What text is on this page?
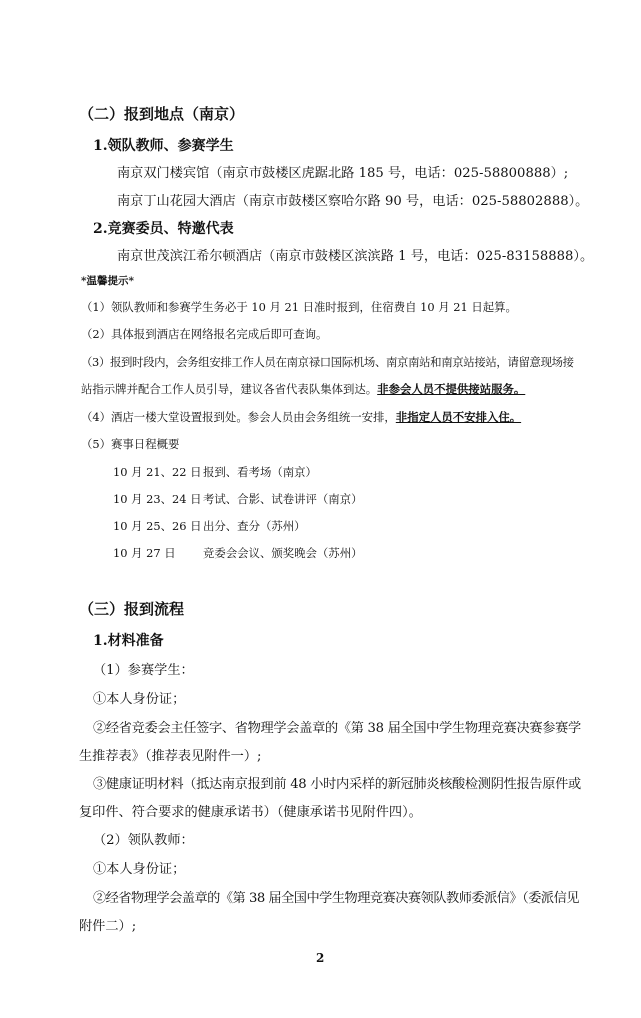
（二）报到地点（南京）
1.领队教师、参赛学生
南京双门楼宾馆（南京市鼓楼区虎踞北路 185 号，电话：025-58800888）;
南京丁山花园大酒店（南京市鼓楼区察哈尔路 90 号，电话：025-58802888）。
2.竞赛委员、特邀代表
南京世茂滨江希尔顿酒店（南京市鼓楼区滨滨路 1 号，电话：025-83158888）。
*温馨提示*
（1）领队教师和参赛学生务必于 10 月 21 日准时报到，住宿费自 10 月 21 日起算。
（2）具体报到酒店在网络报名完成后即可查询。
（3）报到时段内，会务组安排工作人员在南京禄口国际机场、南京南站和南京站接站，请留意现场接
站指示牌并配合工作人员引导，建议各省代表队集体到达。非参会人员不提供接站服务。
（4）酒店一楼大堂设置报到处。参会人员由会务组统一安排，非指定人员不安排入住。
（5）赛事日程概要
10 月 21、22 日 报到、看考场（南京）
10 月 23、24 日 考试、合影、试卷讲评（南京）
10 月 25、26 日 出分、查分（苏州）
10 月 27 日 竞委会会议、颁奖晚会（苏州）
（三）报到流程
1.材料准备
（1）参赛学生：
①本人身份证；
②经省竞委会主任签字、省物理学会盖章的《第 38 届全国中学生物理竞赛决赛参赛学
生推荐表》（推荐表见附件一）;
③健康证明材料（抵达南京报到前 48 小时内采样的新冠肺炎核酸检测阴性报告原件或
复印件、符合要求的健康承诺书）（健康承诺书见附件四）。
（2）领队教师：
①本人身份证；
②经省物理学会盖章的《第 38 届全国中学生物理竞赛决赛领队教师委派信》（委派信见
附件二）;
2
